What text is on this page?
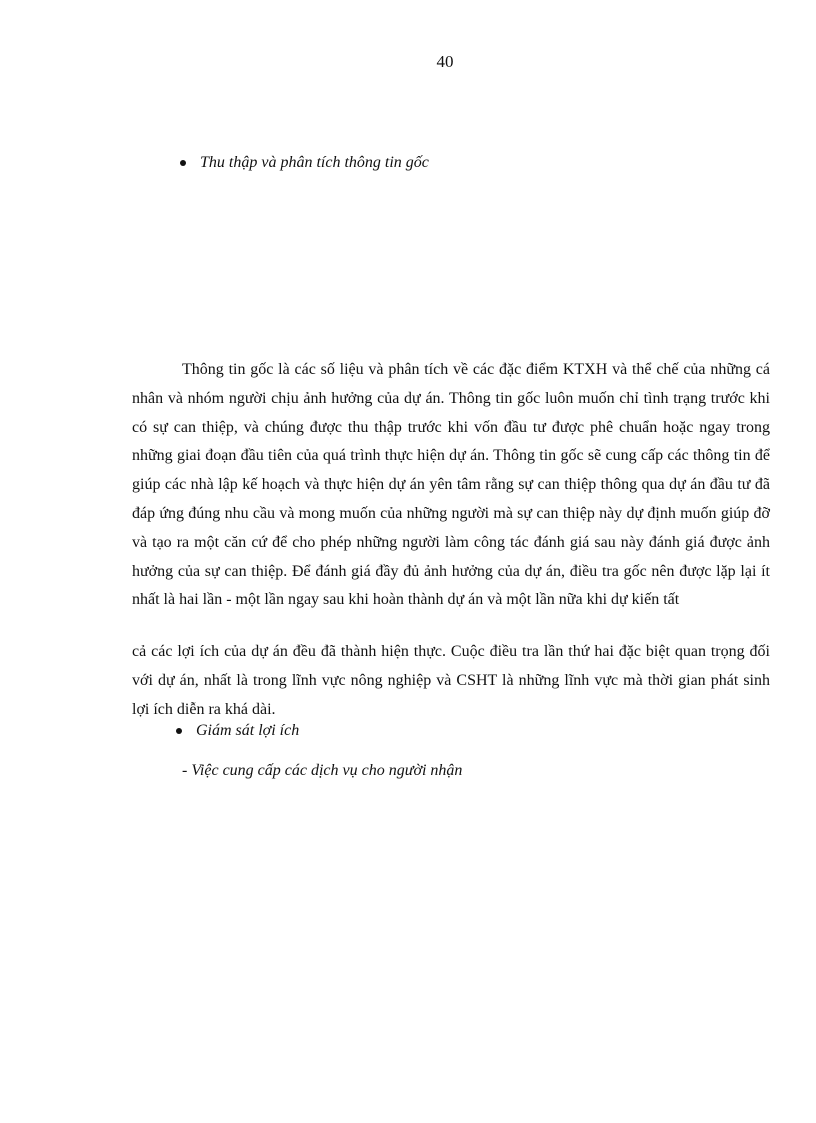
40
Thu thập và phân tích thông tin gốc

Thông tin gốc là các số liệu và phân tích về các đặc điểm KTXH và thể chế của những cá nhân và nhóm người chịu ảnh hưởng của dự án. Thông tin gốc luôn muốn chỉ tình trạng trước khi có sự can thiệp, và chúng được thu thập trước khi vốn đầu tư được phê chuẩn hoặc ngay trong những giai đoạn đầu tiên của quá trình thực hiện dự án. Thông tin gốc sẽ cung cấp các thông tin để giúp các nhà lập kế hoạch và thực hiện dự án yên tâm rằng sự can thiệp thông qua dự án đầu tư đã đáp ứng đúng nhu cầu và mong muốn của những người mà sự can thiệp này dự định muốn giúp đỡ và tạo ra một căn cứ để cho phép những người làm công tác đánh giá sau này đánh giá được ảnh hưởng của sự can thiệp. Để đánh giá đầy đủ ảnh hưởng của dự án, điều tra gốc nên được lặp lại ít nhất là hai lần - một lần ngay sau khi hoàn thành dự án và một lần nữa khi dự kiến tất

cả các lợi ích của dự án đều đã thành hiện thực. Cuộc điều tra lần thứ hai đặc biệt quan trọng đối với dự án, nhất là trong lĩnh vực nông nghiệp và CSHT là những lĩnh vực mà thời gian phát sinh lợi ích diễn ra khá dài.

Giám sát lợi ích
- Việc cung cấp các dịch vụ cho người nhận
